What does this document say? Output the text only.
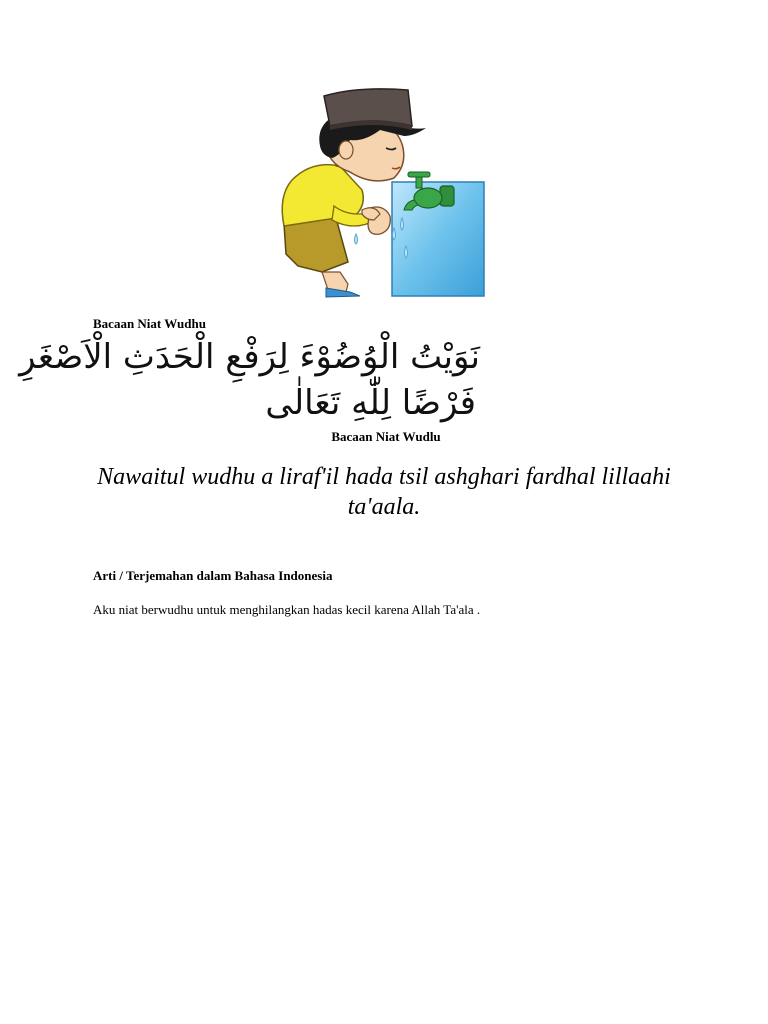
Bacaan Niat Wudhu
نَوَيْتُ الْوُضُوْءَ لِرَفْعِ الْحَدَثِ الْاَصْغَرِ
فَرْضًا لِلّٰهِ تَعَالٰى
Bacaan Niat Wudlu
Nawaitul wudhu a liraf'il hada tsil ashghari fardhal lillaahi ta'aala.
Arti / Terjemahan dalam Bahasa Indonesia
Aku niat berwudhu untuk menghilangkan hadas kecil karena Allah Ta'ala .
